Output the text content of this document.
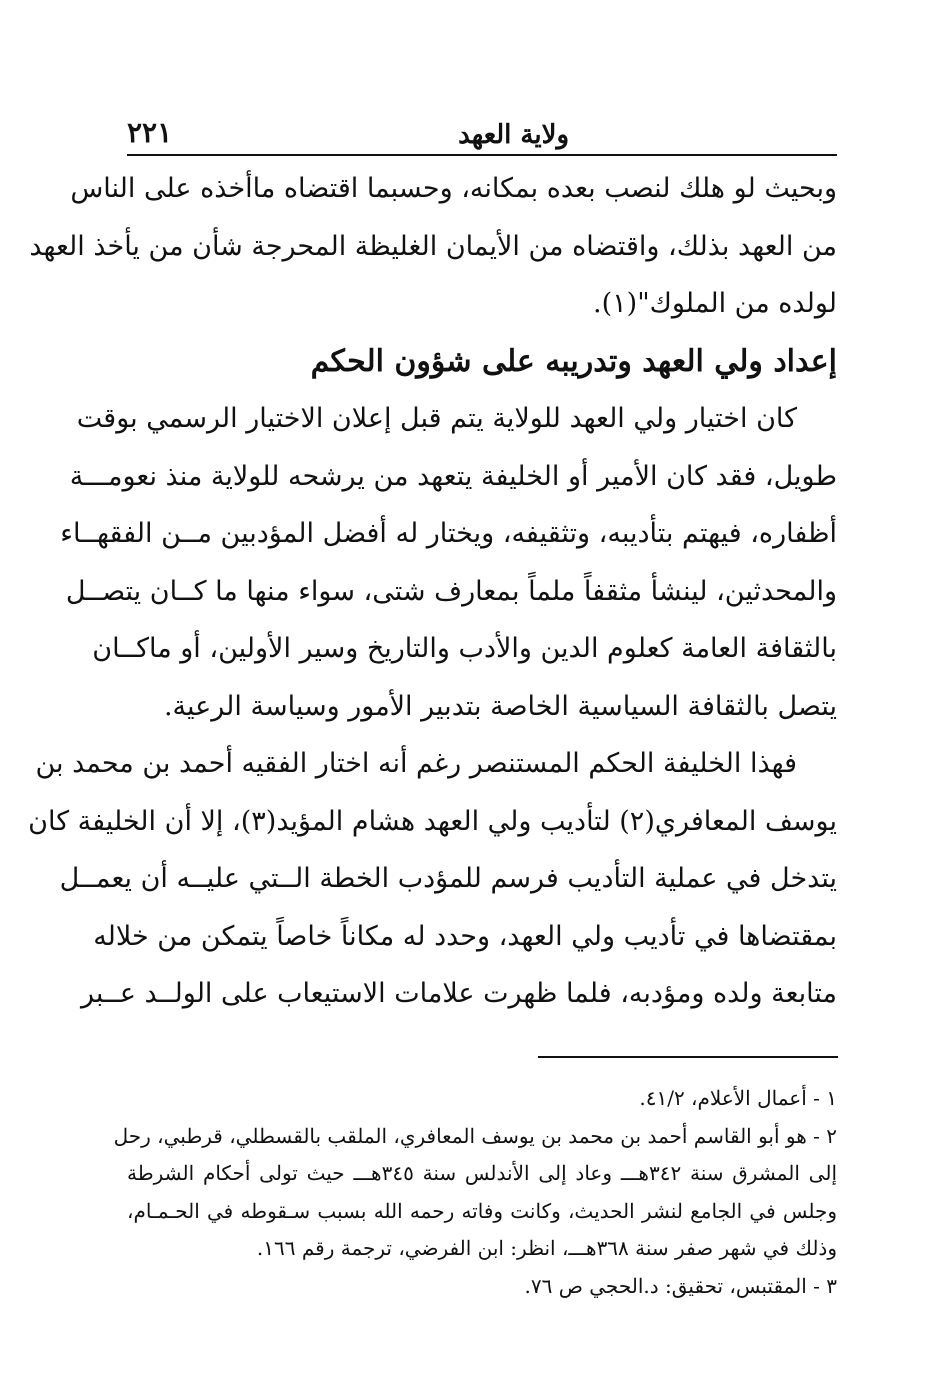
ولاية العهد
٢٢١
وبحيث لو هلك لنصب بعده بمكانه، وحسبما اقتضاه ماأخذه على الناس
من العهد بذلك، واقتضاه من الأيمان الغليظة المحرجة شأن من يأخذ العهد
لولده من الملوك"(١).
إعداد ولي العهد وتدريبه على شؤون الحكم
كان اختيار ولي العهد للولاية يتم قبل إعلان الاختيار الرسمي بوقت
طويل، فقد كان الأمير أو الخليفة يتعهد من يرشحه للولاية منذ نعومـــة
أظفاره، فيهتم بتأديبه، وتثقيفه، ويختار له أفضل المؤدبين مــن الفقهــاء
والمحدثين، لينشأ مثقفاً ملماً بمعارف شتى، سواء منها ما كــان يتصــل
بالثقافة العامة كعلوم الدين والأدب والتاريخ وسير الأولين، أو ماكــان
يتصل بالثقافة السياسية الخاصة بتدبير الأمور وسياسة الرعية.
فهذا الخليفة الحكم المستنصر رغم أنه اختار الفقيه أحمد بن محمد بن
يوسف المعافري(٢) لتأديب ولي العهد هشام المؤيد(٣)، إلا أن الخليفة كان
يتدخل في عملية التأديب فرسم للمؤدب الخطة الــتي عليــه أن يعمــل
بمقتضاها في تأديب ولي العهد، وحدد له مكاناً خاصاً يتمكن من خلاله
متابعة ولده ومؤدبه، فلما ظهرت علامات الاستيعاب على الولــد عــبر
١ - أعمال الأعلام، ٤١/٢.
٢ - هو أبو القاسم أحمد بن محمد بن يوسف المعافري، الملقب بالقسطلي، قرطبي، رحل
إلى المشرق سنة ٣٤٢هـــ وعاد إلى الأندلس سنة ٣٤٥هـــ حيث تولى أحكام الشرطة
وجلس في الجامع لنشر الحديث، وكانت وفاته رحمه الله بسبب سـقوطه في الحـمـام،
وذلك في شهر صفر سنة ٣٦٨هـــ، انظر: ابن الفرضي، ترجمة رقم ١٦٦.
٣ - المقتبس، تحقيق: د.الحجي ص ٧٦.
